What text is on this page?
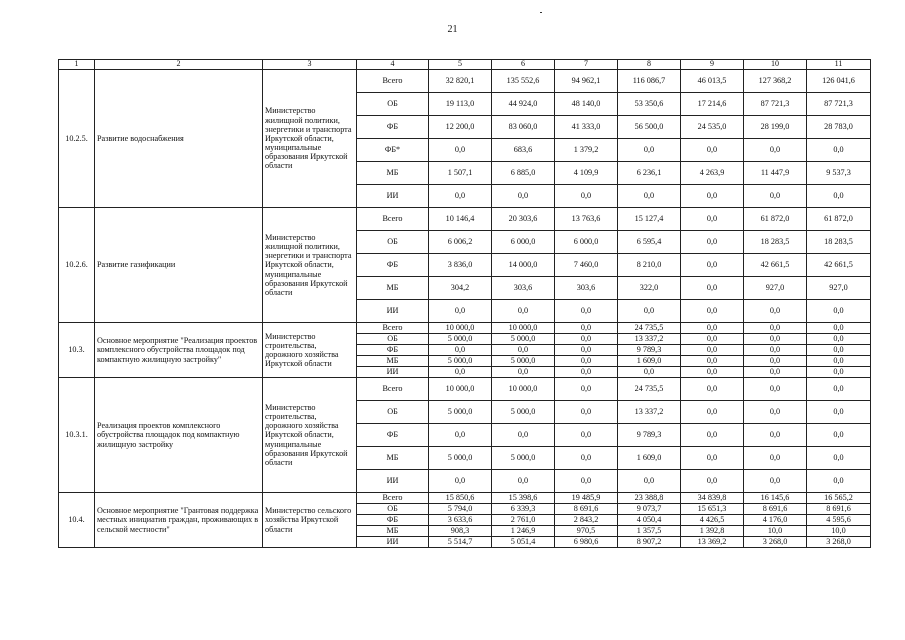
21
1	2	3	4	5	6	7	8	9	10	11
10.2.5.	Развитие водоснабжения	Министерство жилищной политики, энергетики и транспорта Иркутской области, муниципальные образования Иркутской области	Всего	32 820,1	135 552,6	94 962,1	116 086,7	46 013,5	127 368,2	126 041,6
			ОБ	19 113,0	44 924,0	48 140,0	53 350,6	17 214,6	87 721,3	87 721,3
			ФБ	12 200,0	83 060,0	41 333,0	56 500,0	24 535,0	28 199,0	28 783,0
			ФБ*	0,0	683,6	1 379,2	0,0	0,0	0,0	0,0
			МБ	1 507,1	6 885,0	4 109,9	6 236,1	4 263,9	11 447,9	9 537,3
			ИИ	0,0	0,0	0,0	0,0	0,0	0,0	0,0
10.2.6.	Развитие газификации	Министерство жилищной политики, энергетики и транспорта Иркутской области, муниципальные образования Иркутской области	Всего	10 146,4	20 303,6	13 763,6	15 127,4	0,0	61 872,0	61 872,0
			ОБ	6 006,2	6 000,0	6 000,0	6 595,4	0,0	18 283,5	18 283,5
			ФБ	3 836,0	14 000,0	7 460,0	8 210,0	0,0	42 661,5	42 661,5
			МБ	304,2	303,6	303,6	322,0	0,0	927,0	927,0
			ИИ	0,0	0,0	0,0	0,0	0,0	0,0	0,0
10.3.	Основное мероприятие "Реализация проектов комплексного обустройства площадок под компактную жилищную застройку"	Министерство строительства, дорожного хозяйства Иркутской области	Всего	10 000,0	10 000,0	0,0	24 735,5	0,0	0,0	0,0
			ОБ	5 000,0	5 000,0	0,0	13 337,2	0,0	0,0	0,0
			ФБ	0,0	0,0	0,0	9 789,3	0,0	0,0	0,0
			МБ	5 000,0	5 000,0	0,0	1 609,0	0,0	0,0	0,0
			ИИ	0,0	0,0	0,0	0,0	0,0	0,0	0,0
10.3.1.	Реализация проектов комплексного обустройства площадок под компактную жилищную застройку	Министерство строительства, дорожного хозяйства Иркутской области, муниципальные образования Иркутской области	Всего	10 000,0	10 000,0	0,0	24 735,5	0,0	0,0	0,0
			ОБ	5 000,0	5 000,0	0,0	13 337,2	0,0	0,0	0,0
			ФБ	0,0	0,0	0,0	9 789,3	0,0	0,0	0,0
			МБ	5 000,0	5 000,0	0,0	1 609,0	0,0	0,0	0,0
			ИИ	0,0	0,0	0,0	0,0	0,0	0,0	0,0
10.4.	Основное мероприятие "Грантовая поддержка местных инициатив граждан, проживающих в сельской местности"	Министерство сельского хозяйства Иркутской области	Всего	15 850,6	15 398,6	19 485,9	23 388,8	34 839,8	16 145,6	16 565,2
			ОБ	5 794,0	6 339,3	8 691,6	9 073,7	15 651,3	8 691,6	8 691,6
			ФБ	3 633,6	2 761,0	2 843,2	4 050,4	4 426,5	4 176,0	4 595,6
			МБ	908,3	1 246,9	970,5	1 357,5	1 392,8	10,0	10,0
			ИИ	5 514,7	5 051,4	6 980,6	8 907,2	13 369,2	3 268,0	3 268,0
